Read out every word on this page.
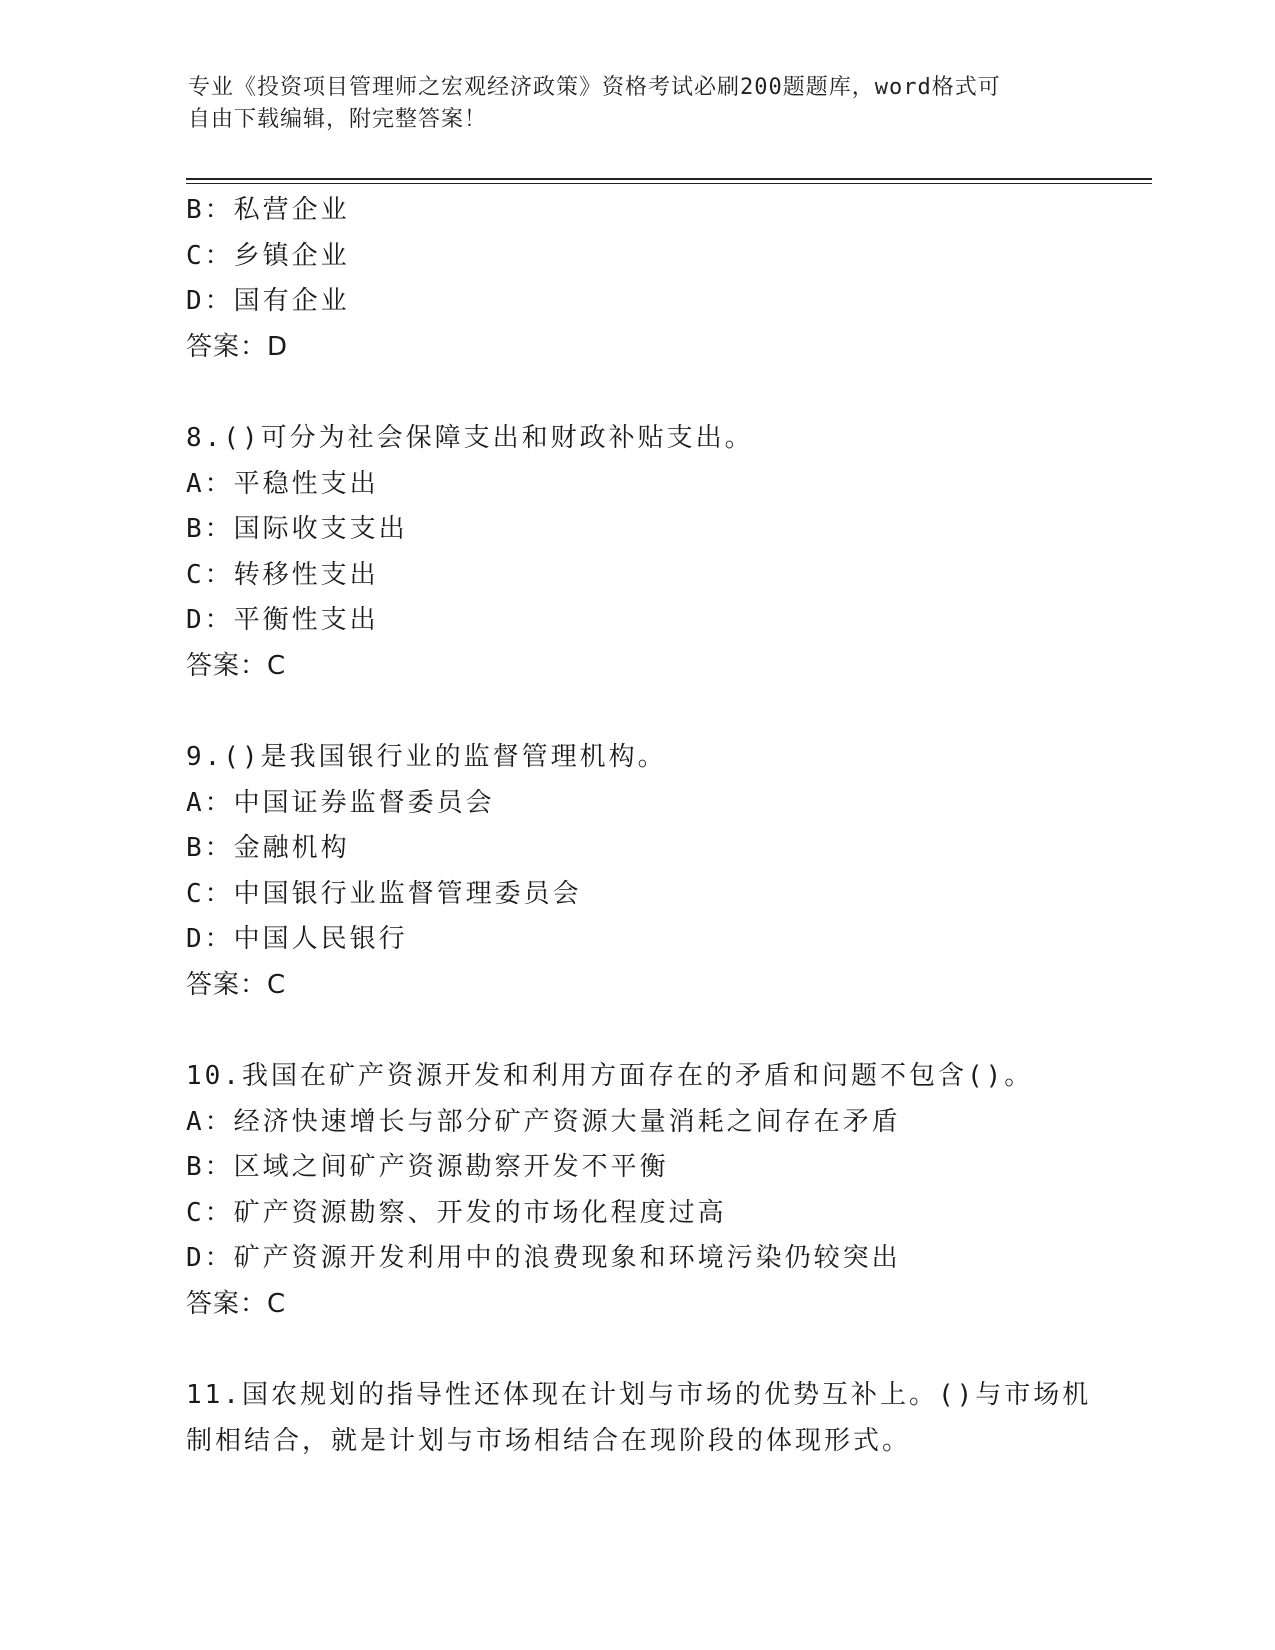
专业《投资项目管理师之宏观经济政策》资格考试必刷200题题库，word格式可
自由下载编辑，附完整答案！
B：私营企业
C：乡镇企业
D：国有企业
答案：D
8.()可分为社会保障支出和财政补贴支出。
A：平稳性支出
B：国际收支支出
C：转移性支出
D：平衡性支出
答案：C
9.()是我国银行业的监督管理机构。
A：中国证券监督委员会
B：金融机构
C：中国银行业监督管理委员会
D：中国人民银行
答案：C
10.我国在矿产资源开发和利用方面存在的矛盾和问题不包含()。
A：经济快速增长与部分矿产资源大量消耗之间存在矛盾
B：区域之间矿产资源勘察开发不平衡
C：矿产资源勘察、开发的市场化程度过高
D：矿产资源开发利用中的浪费现象和环境污染仍较突出
答案：C
11.国农规划的指导性还体现在计划与市场的优势互补上。()与市场机
制相结合，就是计划与市场相结合在现阶段的体现形式。
